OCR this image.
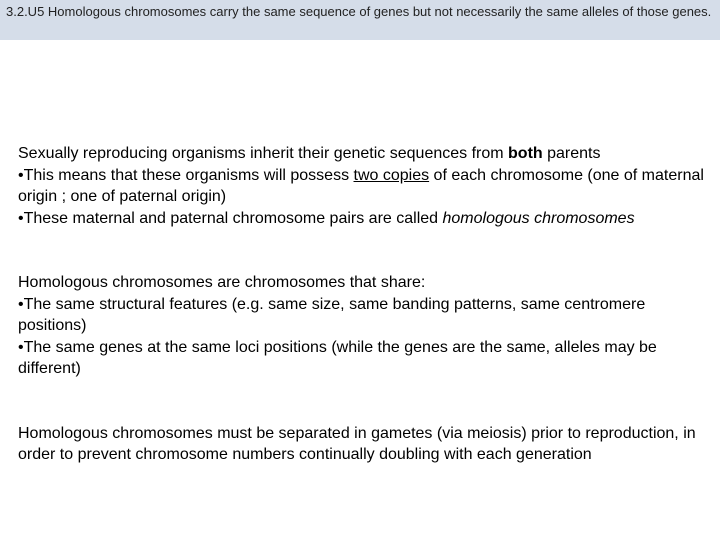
3.2.U5 Homologous chromosomes carry the same sequence of genes but not necessarily the same alleles of those genes.

Sexually reproducing organisms inherit their genetic sequences from both parents

•This means that these organisms will possess two copies of each chromosome (one of maternal origin ; one of paternal origin)

•These maternal and paternal chromosome pairs are called homologous chromosomes

Homologous chromosomes are chromosomes that share:

•The same structural features (e.g. same size, same banding patterns, same centromere positions)

•The same genes at the same loci positions (while the genes are the same, alleles may be different)

Homologous chromosomes must be separated in gametes (via meiosis) prior to reproduction, in order to prevent chromosome numbers continually doubling with each generation
